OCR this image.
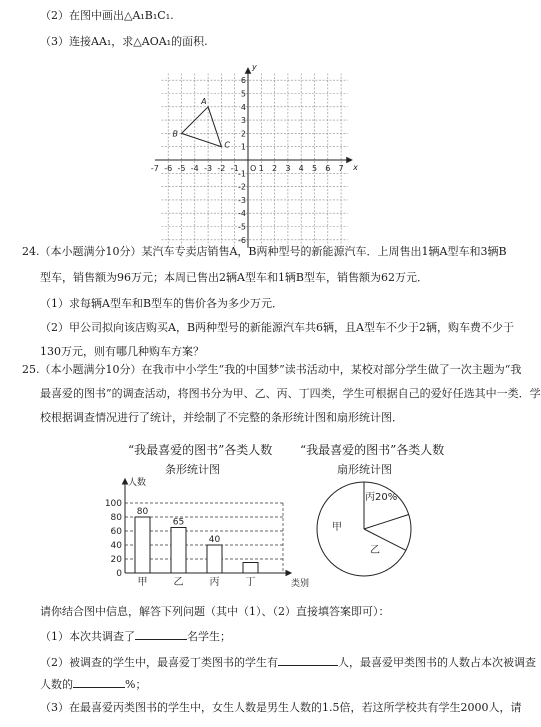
（2）在图中画出△A₁B₁C₁.
（3）连接AA₁，求△AOA₁的面积.
-7 -6 -5 -4 -3 -2 -1	1 2 3 4 5 6 7
6
5
4
3
2
1
-1
-2
-3
-4
-5
-6
O	x
y
A
B
C
24.（本小题满分10分）某汽车专卖店销售A，B两种型号的新能源汽车．上周售出1辆A型车和3辆B
型车，销售额为96万元；本周已售出2辆A型车和1辆B型车，销售额为62万元．
（1）求每辆A型车和B型车的售价各为多少万元．
（2）甲公司拟向该店购买A，B两种型号的新能源汽车共6辆，且A型车不少于2辆，购车费不少于
130万元，则有哪几种购车方案？
25.（本小题满分10分）在我市中小学生“我的中国梦”读书活动中，某校对部分学生做了一次主题为“我
最喜爱的图书”的调查活动，将图书分为甲、乙、丙、丁四类，学生可根据自己的爱好任选其中一类．学
校根据调查情况进行了统计，并绘制了不完整的条形统计图和扇形统计图．
“我最喜爱的图书”各类人数
条形统计图
100
80
60
40
20
0
80
65
40
甲	乙	丙	丁
人数
类别
“我最喜爱的图书”各类人数
扇形统计图
丙20%
甲
乙
请你结合图中信息，解答下列问题（其中（1）、（2）直接填答案即可）：
（1）本次共调查了	名学生；
（2）被调查的学生中，最喜爱丁类图书的学生有	人，最喜爱甲类图书的人数占本次被调查
人数的	%；
（3）在最喜爱丙类图书的学生中，女生人数是男生人数的1.5倍，若这所学校共有学生2000人，请
